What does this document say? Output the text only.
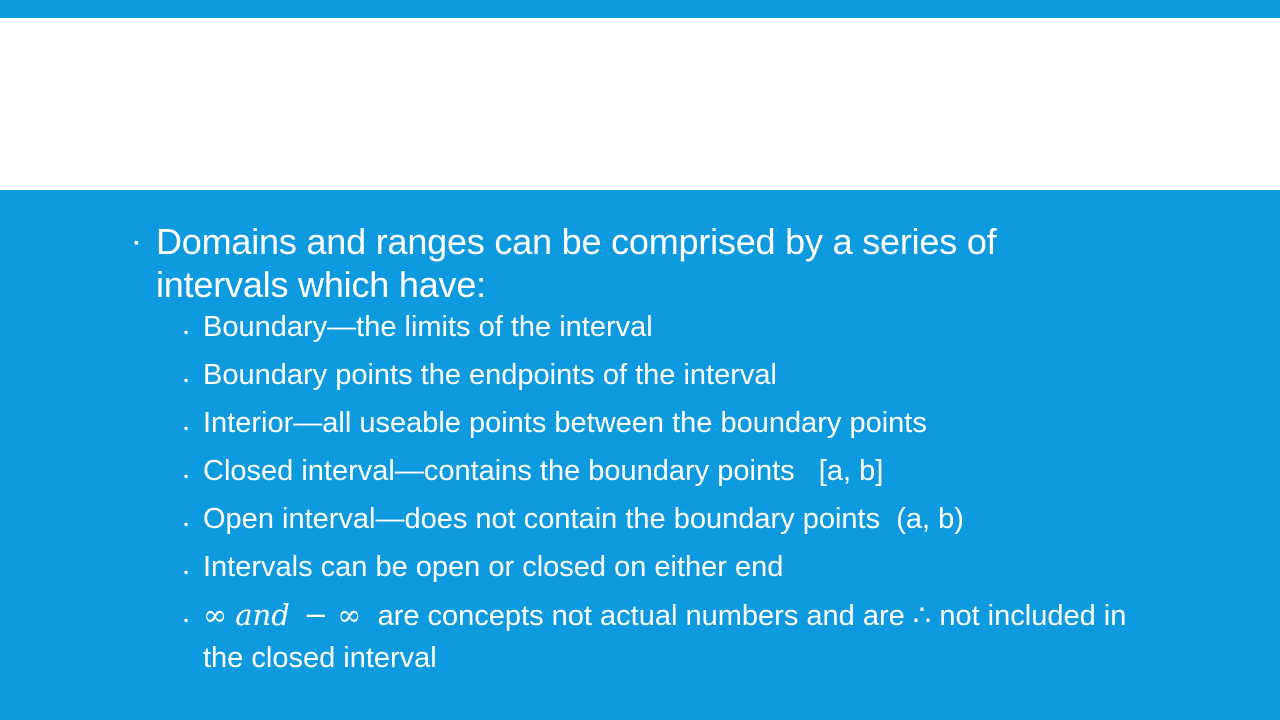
▪ Domains and ranges can be comprised by a series of intervals which have:
▪ Boundary—the limits of the interval
▪ Boundary points the endpoints of the interval
▪ Interior—all useable points between the boundary points
▪ Closed interval—contains the boundary points   [a, b]
▪ Open interval—does not contain the boundary points  (a, b)
▪ Intervals can be open or closed on either end
▪ ∞ and − ∞ are concepts not actual numbers and are ∴ not included in the closed interval
